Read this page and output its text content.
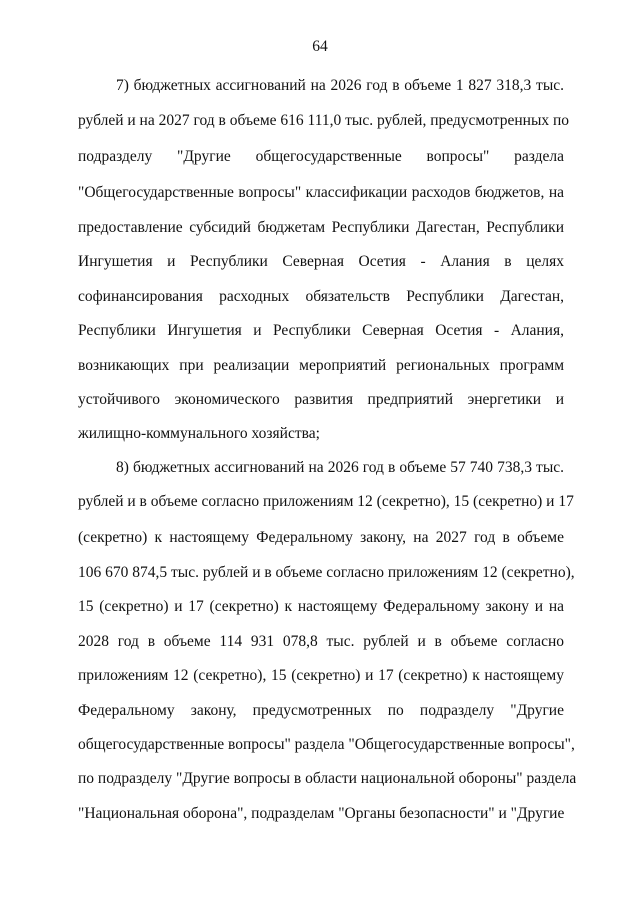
64
7) бюджетных ассигнований на 2026 год в объеме 1 827 318,3 тыс.
рублей и на 2027 год в объеме 616 111,0 тыс. рублей, предусмотренных по
подразделу "Другие общегосударственные вопросы" раздела
"Общегосударственные вопросы" классификации расходов бюджетов, на
предоставление субсидий бюджетам Республики Дагестан, Республики
Ингушетия и Республики Северная Осетия - Алания в целях
софинансирования расходных обязательств Республики Дагестан,
Республики Ингушетия и Республики Северная Осетия - Алания,
возникающих при реализации мероприятий региональных программ
устойчивого экономического развития предприятий энергетики и
жилищно-коммунального хозяйства;
8) бюджетных ассигнований на 2026 год в объеме 57 740 738,3 тыс.
рублей и в объеме согласно приложениям 12 (секретно), 15 (секретно) и 17
(секретно) к настоящему Федеральному закону, на 2027 год в объеме
106 670 874,5 тыс. рублей и в объеме согласно приложениям 12 (секретно),
15 (секретно) и 17 (секретно) к настоящему Федеральному закону и на
2028 год в объеме 114 931 078,8 тыс. рублей и в объеме согласно
приложениям 12 (секретно), 15 (секретно) и 17 (секретно) к настоящему
Федеральному закону, предусмотренных по подразделу "Другие
общегосударственные вопросы" раздела "Общегосударственные вопросы",
по подразделу "Другие вопросы в области национальной обороны" раздела
"Национальная оборона", подразделам "Органы безопасности" и "Другие
